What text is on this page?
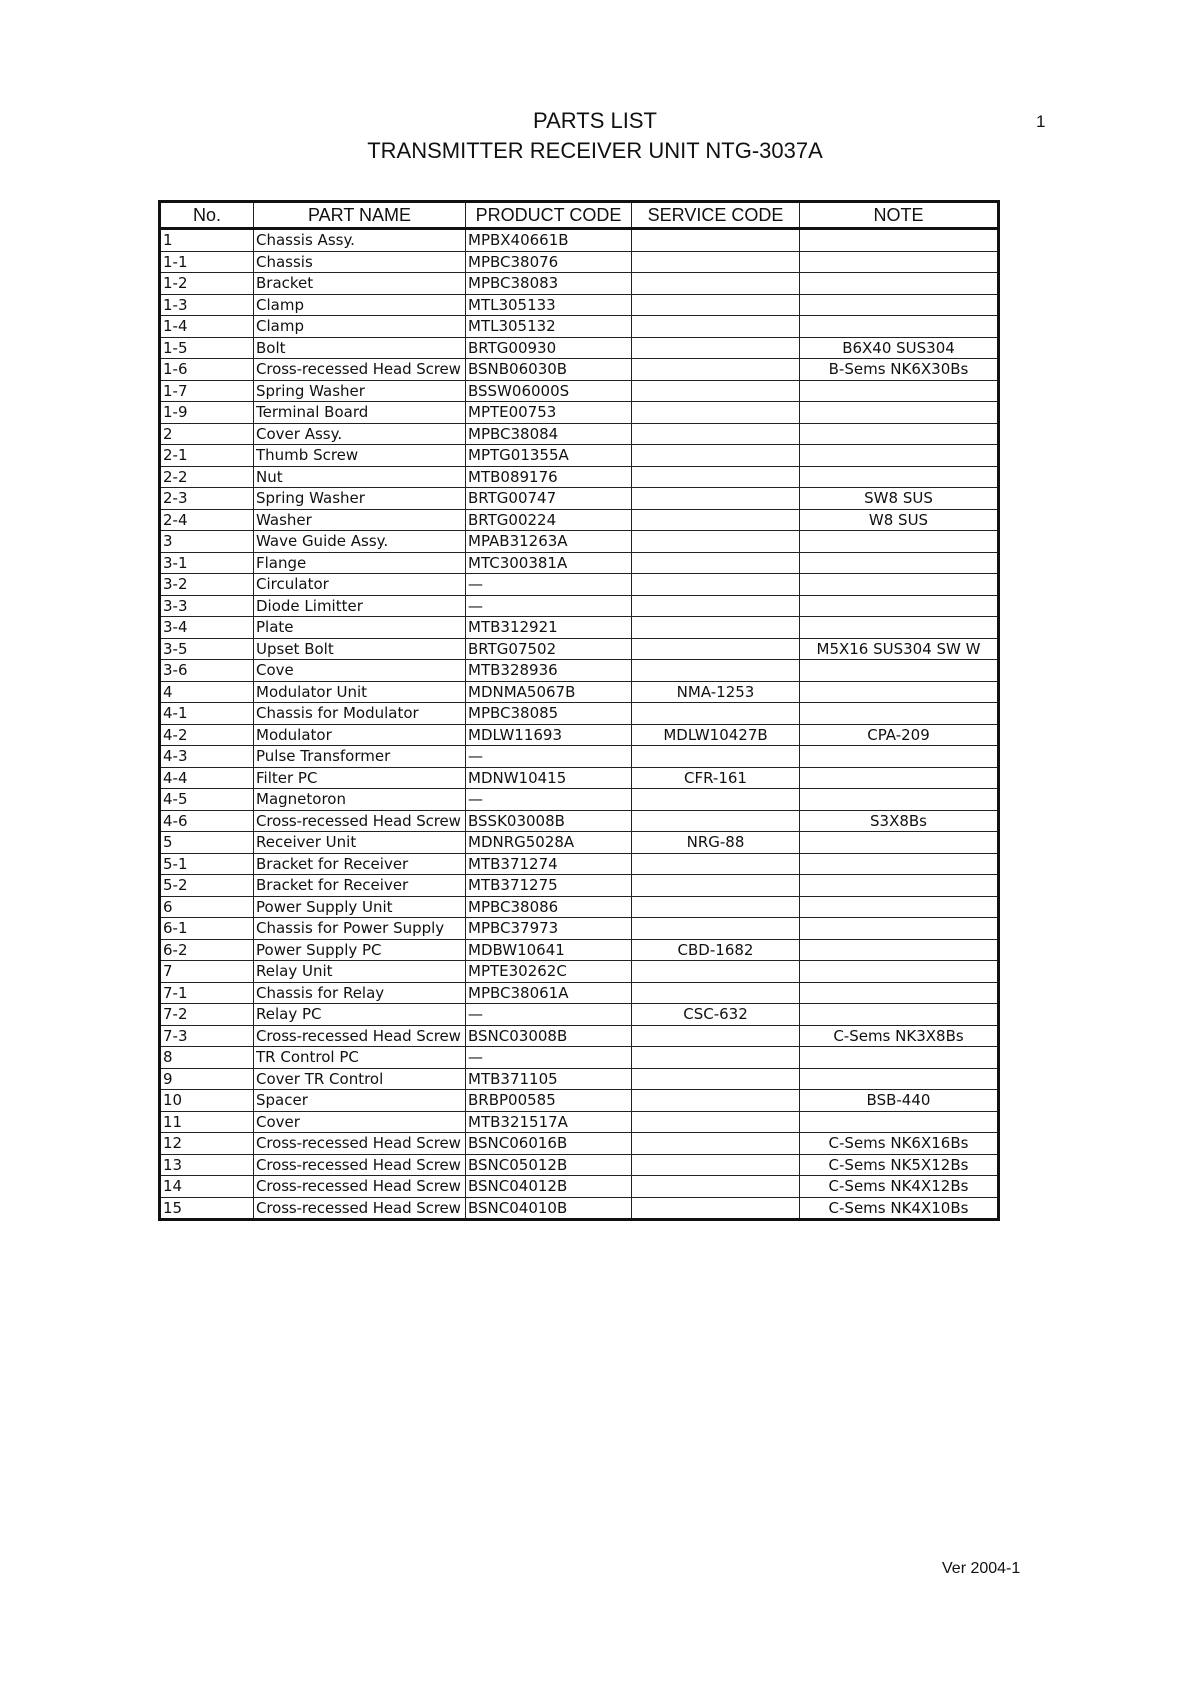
PARTS LIST
TRANSMITTER RECEIVER UNIT NTG-3037A
1
No.	PART NAME	PRODUCT CODE	SERVICE CODE	NOTE
1	Chassis Assy.	MPBX40661B		
1-1	Chassis	MPBC38076		
1-2	Bracket	MPBC38083		
1-3	Clamp	MTL305133		
1-4	Clamp	MTL305132		
1-5	Bolt	BRTG00930		B6X40 SUS304
1-6	Cross-recessed Head Screw	BSNB06030B		B-Sems NK6X30Bs
1-7	Spring Washer	BSSW06000S		
1-9	Terminal Board	MPTE00753		
2	Cover Assy.	MPBC38084		
2-1	Thumb Screw	MPTG01355A		
2-2	Nut	MTB089176		
2-3	Spring Washer	BRTG00747		SW8 SUS
2-4	Washer	BRTG00224		W8 SUS
3	Wave Guide Assy.	MPAB31263A		
3-1	Flange	MTC300381A		
3-2	Circulator	—		
3-3	Diode Limitter	—		
3-4	Plate	MTB312921		
3-5	Upset Bolt	BRTG07502		M5X16 SUS304 SW W
3-6	Cove	MTB328936		
4	Modulator Unit	MDNMA5067B	NMA-1253	
4-1	Chassis for Modulator	MPBC38085		
4-2	Modulator	MDLW11693	MDLW10427B	CPA-209
4-3	Pulse Transformer	—		
4-4	Filter PC	MDNW10415	CFR-161	
4-5	Magnetoron	—		
4-6	Cross-recessed Head Screw	BSSK03008B		S3X8Bs
5	Receiver Unit	MDNRG5028A	NRG-88	
5-1	Bracket for Receiver	MTB371274		
5-2	Bracket for Receiver	MTB371275		
6	Power Supply Unit	MPBC38086		
6-1	Chassis for Power Supply	MPBC37973		
6-2	Power Supply PC	MDBW10641	CBD-1682	
7	Relay Unit	MPTE30262C		
7-1	Chassis for Relay	MPBC38061A		
7-2	Relay PC	—	CSC-632	
7-3	Cross-recessed Head Screw	BSNC03008B		C-Sems NK3X8Bs
8	TR Control PC	—		
9	Cover TR Control	MTB371105		
10	Spacer	BRBP00585		BSB-440
11	Cover	MTB321517A		
12	Cross-recessed Head Screw	BSNC06016B		C-Sems NK6X16Bs
13	Cross-recessed Head Screw	BSNC05012B		C-Sems NK5X12Bs
14	Cross-recessed Head Screw	BSNC04012B		C-Sems NK4X12Bs
15	Cross-recessed Head Screw	BSNC04010B		C-Sems NK4X10Bs
Ver 2004-1
